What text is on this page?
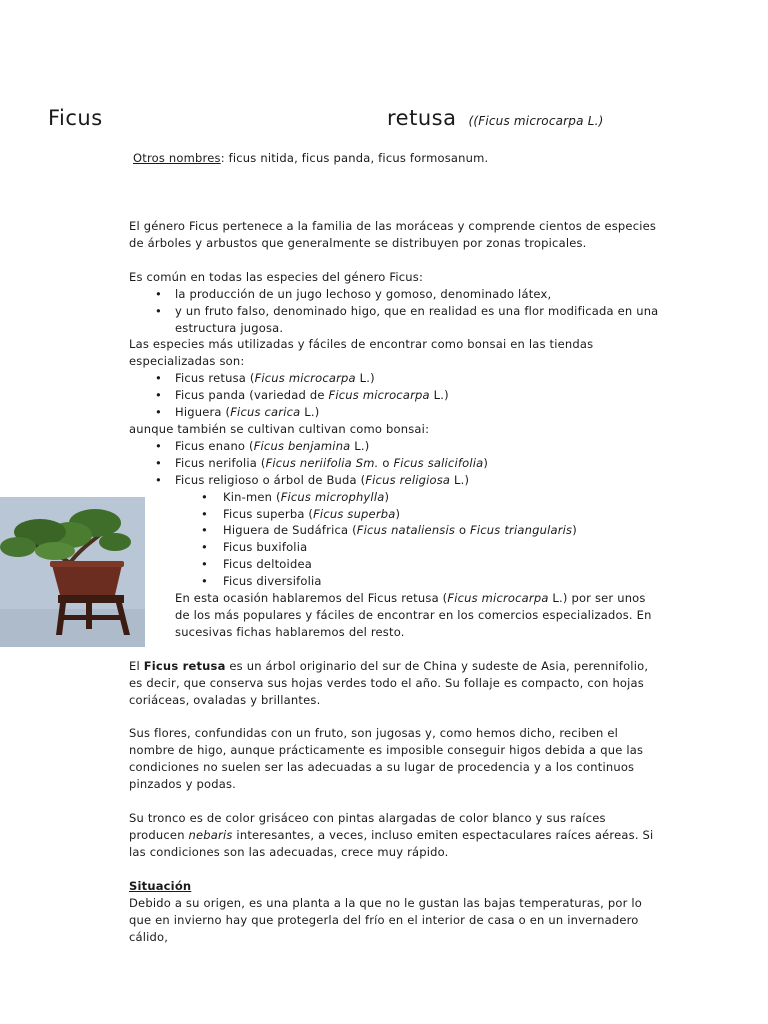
Ficus	retusa ((Ficus microcarpa L.)
Otros nombres: ficus nitida, ficus panda, ficus formosanum.

El género Ficus pertenece a la familia de las moráceas y comprende cientos de especies de árboles y arbustos que generalmente se distribuyen por zonas tropicales.

Es común en todas las especies del género Ficus:

• la producción de un jugo lechoso y gomoso, denominado látex,
• y un fruto falso, denominado higo, que en realidad es una flor modificada en una estructura jugosa.

Las especies más utilizadas y fáciles de encontrar como bonsai en las tiendas especializadas son:

• Ficus retusa (Ficus microcarpa L.)
• Ficus panda (variedad de Ficus microcarpa L.)
• Higuera (Ficus carica L.)

aunque también se cultivan cultivan como bonsai:

• Ficus enano (Ficus benjamina L.)
• Ficus nerifolia (Ficus neriifolia Sm. o Ficus salicifolia)
• Ficus religioso o árbol de Buda (Ficus religiosa L.)
• Kin-men (Ficus microphylla)
• Ficus superba (Ficus superba)
• Higuera de Sudáfrica (Ficus nataliensis o Ficus triangularis)
• Ficus buxifolia
• Ficus deltoidea
• Ficus diversifolia

En esta ocasión hablaremos del Ficus retusa (Ficus microcarpa L.) por ser unos de los más populares y fáciles de encontrar en los comercios especializados. En sucesivas fichas hablaremos del resto.

El Ficus retusa es un árbol originario del sur de China y sudeste de Asia, perennifolio, es decir, que conserva sus hojas verdes todo el año. Su follaje es compacto, con hojas coriáceas, ovaladas y brillantes.

Sus flores, confundidas con un fruto, son jugosas y, como hemos dicho, reciben el nombre de higo, aunque prácticamente es imposible conseguir higos debida a que las condiciones no suelen ser las adecuadas a su lugar de procedencia y a los continuos pinzados y podas.

Su tronco es de color grisáceo con pintas alargadas de color blanco y sus raíces producen nebaris interesantes, a veces, incluso emiten espectaculares raíces aéreas. Si las condiciones son las adecuadas, crece muy rápido.

Situación

Debido a su origen, es una planta a la que no le gustan las bajas temperaturas, por lo que en invierno hay que protegerla del frío en el interior de casa o en un invernadero cálido,
